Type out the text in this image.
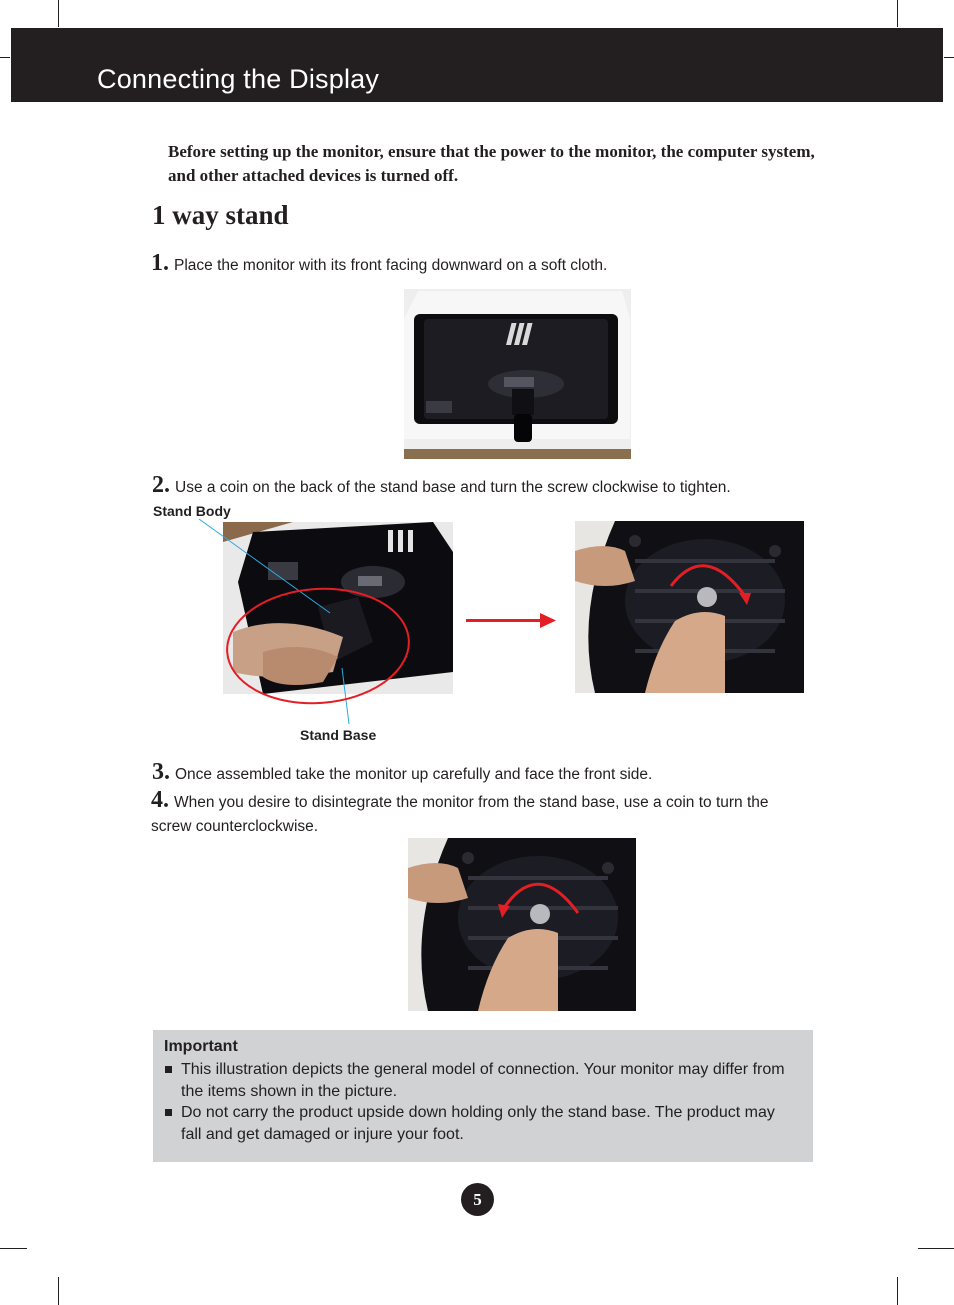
Connecting the Display
Before setting up the monitor, ensure that the power to the monitor, the computer system, and other attached devices is turned off.
1 way stand
1. Place the monitor with its front facing downward on a soft cloth.
2. Use a coin on the back of the stand base and turn the screw clockwise to tighten.
Stand Body
Stand Base
3. Once assembled take the monitor up carefully and face the front side.
4. When you desire to disintegrate the monitor from the stand base, use a coin to turn the screw counterclockwise.
Important
This illustration depicts the general model of connection. Your monitor may differ from the items shown in the picture.
Do not carry the product upside down holding only the stand base. The product may fall and get damaged or injure your foot.
5
